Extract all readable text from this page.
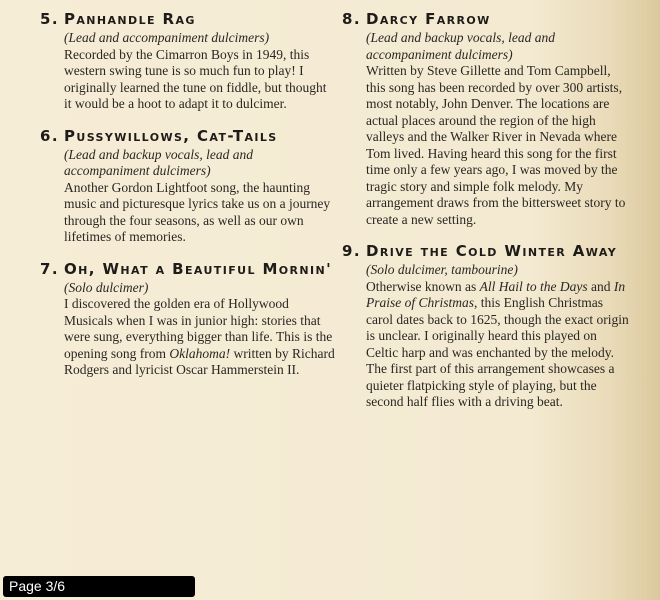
5. Panhandle Rag
(Lead and accompaniment dulcimers)
Recorded by the Cimarron Boys in 1949, this western swing tune is so much fun to play! I originally learned the tune on fiddle, but thought it would be a hoot to adapt it to dulcimer.
6. Pussywillows, Cat-Tails
(Lead and backup vocals, lead and accompaniment dulcimers)
Another Gordon Lightfoot song, the haunting music and picturesque lyrics take us on a journey through the four seasons, as well as our own lifetimes of memories.
7. Oh, What a Beautiful Mornin'
(Solo dulcimer)
I discovered the golden era of Hollywood Musicals when I was in junior high: stories that were sung, everything bigger than life. This is the opening song from Oklahoma! written by Richard Rodgers and lyricist Oscar Hammerstein II.
8. Darcy Farrow
(Lead and backup vocals, lead and accompaniment dulcimers)
Written by Steve Gillette and Tom Campbell, this song has been recorded by over 300 artists, most notably, John Denver. The locations are actual places around the region of the high valleys and the Walker River in Nevada where Tom lived. Having heard this song for the first time only a few years ago, I was moved by the tragic story and simple folk melody. My arrangement draws from the bittersweet story to create a new setting.
9. Drive the Cold Winter Away
(Solo dulcimer, tambourine)
Otherwise known as All Hail to the Days and In Praise of Christmas, this English Christmas carol dates back to 1625, though the exact origin is unclear. I originally heard this played on Celtic harp and was enchanted by the melody. The first part of this arrangement showcases a quieter flatpicking style of playing, but the second half flies with a driving beat.
Page 3/6
